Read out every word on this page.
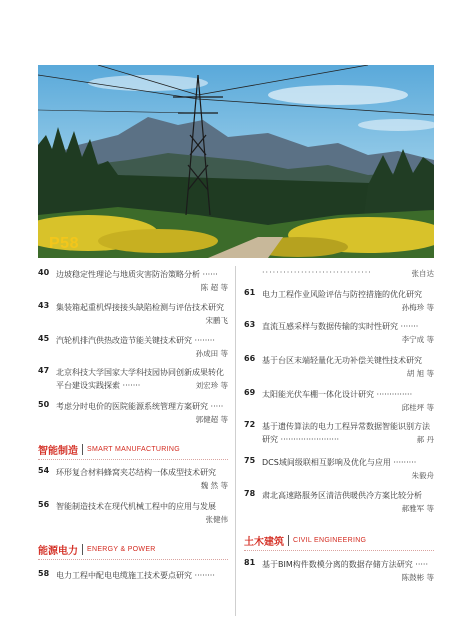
P58
40 边坡稳定性理论与地质灾害防治策略分析 ······
陈 超 等
43 集装箱起重机焊接接头缺陷检测与评估技术研究
宋鹏飞
45 汽轮机排汽供热改造节能关键技术研究 ········
孙成田 等
47 北京科技大学国家大学科技园协同创新成果转化平台建设实践探索 ·······	刘宏珍 等
50 考虑分时电价的医院能源系统管理方案研究 ·····
郭健超 等
智能制造 SMART MANUFACTURING
54 环形复合材料蜂窝夹芯结构一体成型技术研究
魏 然 等
56 智能制造技术在现代机械工程中的应用与发展
张健伟
能源电力 ENERGY & POWER
58 电力工程中配电电缆施工技术要点研究 ········
·······························	张自达
61 电力工程作业风险评估与防控措施的优化研究
孙梅珍 等
63 直流互感采样与数据传输的实时性研究 ·······
李宁成 等
66 基于台区末端轻量化无功补偿关键性技术研究
胡 旭 等
69 太阳能光伏车棚一体化设计研究 ··············
邱桂坪 等
72 基于遗传算法的电力工程异常数据智能识别方法研究 ·······················	郝 丹
75 DCS域间级联相互影响及优化与应用 ·········
朱毅舟
78 肃北高速路服务区清洁供暖供冷方案比较分析
郝雅军 等
土木建筑 CIVIL ENGINEERING
81 基于BIM构件数模分离的数据存储方法研究 ·····
陈鼓彬 等
